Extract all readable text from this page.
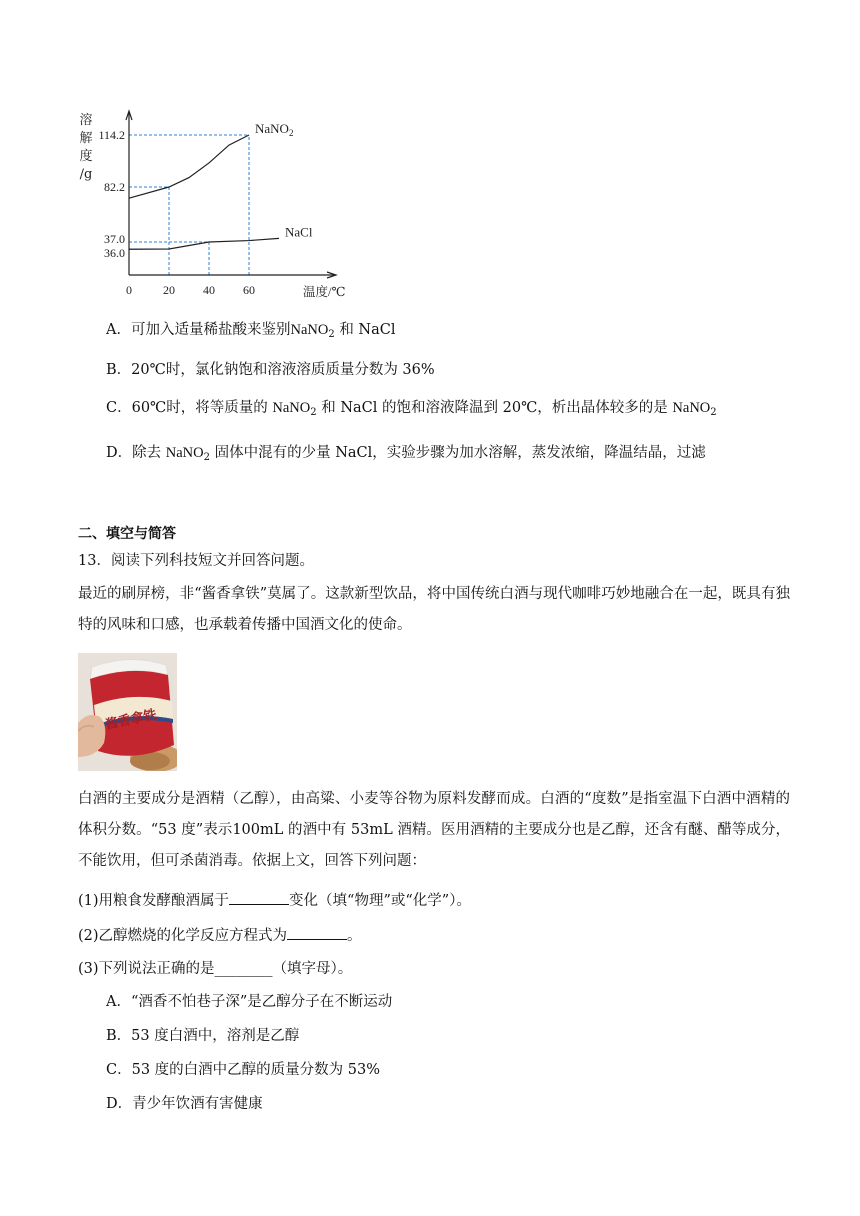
溶
解
度
/g
NaNO$_2$
NaCl
0	20 40 60	温度/℃
114.2
82.2
37.0
36.0
A．可加入适量稀盐酸来鉴别NaNO$_2$ 和 NaCl
B．20℃时，氯化钠饱和溶液溶质质量分数为 36%
C．60℃时，将等质量的 NaNO$_2$ 和 NaCl 的饱和溶液降温到 20℃，析出晶体较多的是 NaNO$_2$
D．除去 NaNO$_2$ 固体中混有的少量 NaCl，实验步骤为加水溶解，蒸发浓缩，降温结晶，过滤
二、填空与简答
13．阅读下列科技短文并回答问题。
最近的刷屏榜，非“酱香拿铁”莫属了。这款新型饮品，将中国传统白酒与现代咖啡巧妙地融合在一起，既具有独特的风味和口感，也承载着传播中国酒文化的使命。
酱香拿铁
白酒的主要成分是酒精（乙醇），由高粱、小麦等谷物为原料发酵而成。白酒的“度数”是指室温下白酒中酒精的体积分数。“53 度”表示100mL 的酒中有 53mL 酒精。医用酒精的主要成分也是乙醇，还含有醚、醋等成分，不能饮用，但可杀菌消毒。依据上文，回答下列问题：
(1)用粮食发酵酿酒属于	变化（填“物理”或“化学”）。
(2)乙醇燃烧的化学反应方程式为	。
(3)下列说法正确的是________（填字母）。
A．“酒香不怕巷子深”是乙醇分子在不断运动
B．53 度白酒中，溶剂是乙醇
C．53 度的白酒中乙醇的质量分数为 53%
D．青少年饮酒有害健康
